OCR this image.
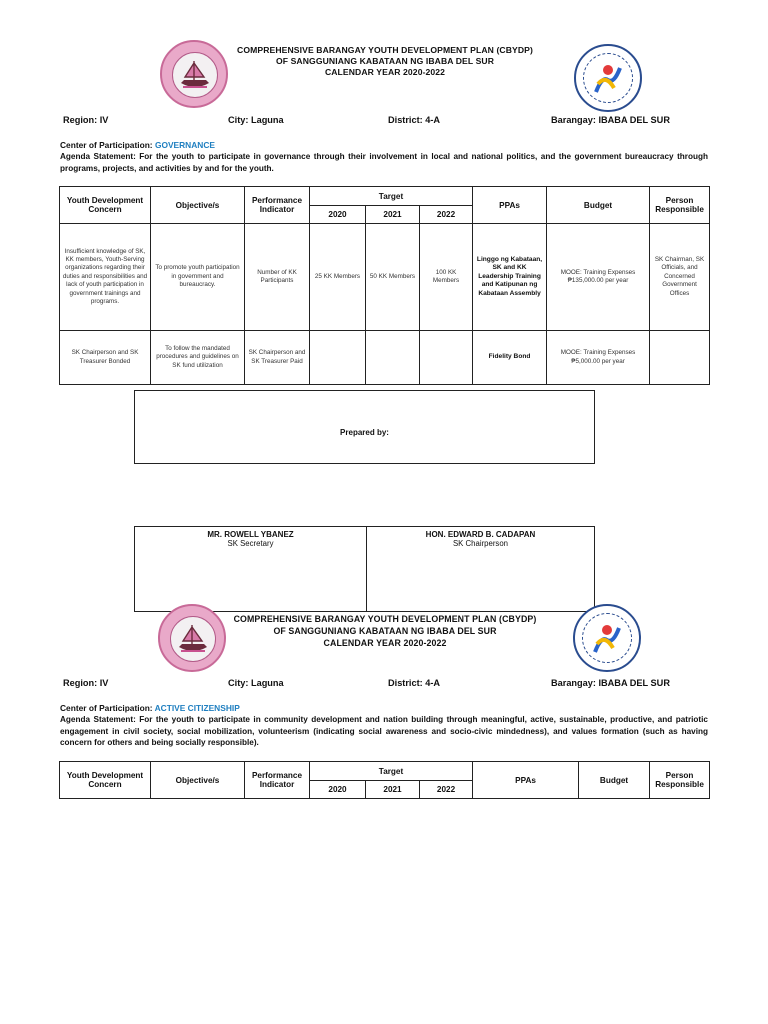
COMPREHENSIVE BARANGAY YOUTH DEVELOPMENT PLAN (CBYDP)
OF SANGGUNIANG KABATAAN NG IBABA DEL SUR
CALENDAR YEAR 2020-2022
Region: IV	City: Laguna	District: 4-A	Barangay: IBABA DEL SUR
Center of Participation: GOVERNANCE
Agenda Statement: For the youth to participate in governance through their involvement in local and national politics, and the government bureaucracy through programs, projects, and activities by and for the youth.
Youth Development Concern	Objective/s	Performance Indicator	Target			PPAs	Budget	Person Responsible
			2020	2021	2022			
Insufficient knowledge of SK, KK members, Youth-Serving organizations regarding their duties and responsibilities and lack of youth participation in government trainings and programs.	To promote youth participation in government and bureaucracy.	Number of KK Participants	25 KK Members	50 KK Members	100 KK Members	Linggo ng Kabataan, SK and KK Leadership Training and Katipunan ng Kabataan Assembly	MOOE: Training Expenses ₱135,000.00 per year	SK Chairman, SK Officials, and Concerned Government Offices
SK Chairperson and SK Treasurer Bonded	To follow the mandated procedures and guidelines on SK fund utilization	SK Chairperson and SK Treasurer Paid				Fidelity Bond	MOOE: Training Expenses ₱5,000.00 per year	
Prepared by:
MR. ROWELL YBANEZ
SK Secretary

HON. EDWARD B. CADAPAN
SK Chairperson
COMPREHENSIVE BARANGAY YOUTH DEVELOPMENT PLAN (CBYDP)
OF SANGGUNIANG KABATAAN NG IBABA DEL SUR
CALENDAR YEAR 2020-2022
Region: IV	City: Laguna	District: 4-A	Barangay: IBABA DEL SUR
Center of Participation: ACTIVE CITIZENSHIP
Agenda Statement: For the youth to participate in community development and nation building through meaningful, active, sustainable, productive, and patriotic engagement in civil society, social mobilization, volunteerism (indicating social awareness and socio-civic mindedness), and values formation (such as having concern for others and being socially responsible).
Youth Development Concern	Objective/s	Performance Indicator	Target			PPAs	Budget	Person Responsible
			2020	2021	2022			
